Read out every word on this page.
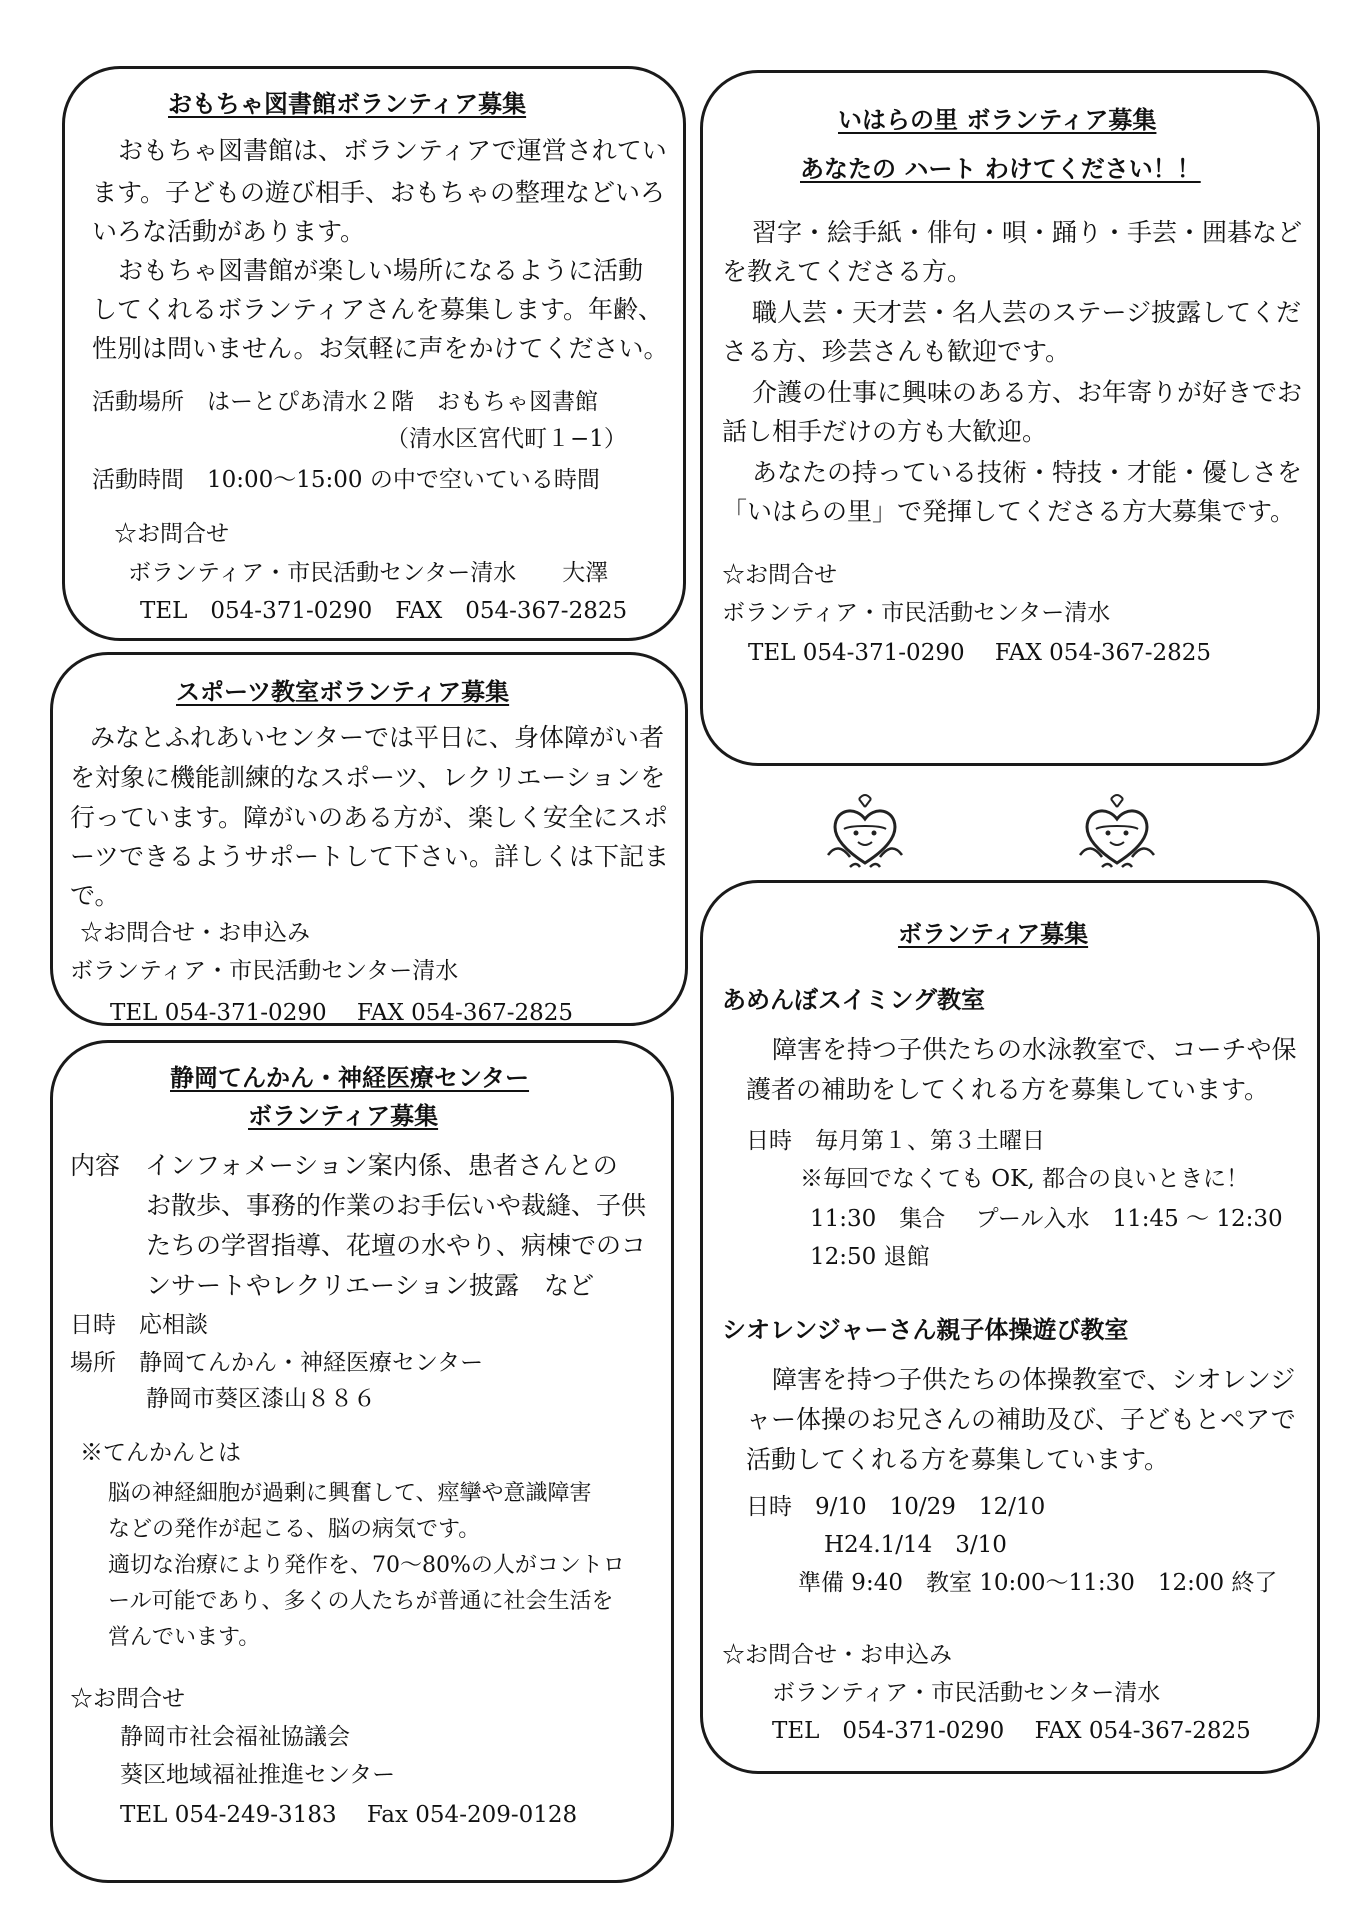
おもちゃ図書館ボランティア募集
おもちゃ図書館は、ボランティアで運営されてい
ます。子どもの遊び相手、おもちゃの整理などいろ
いろな活動があります。
おもちゃ図書館が楽しい場所になるように活動
してくれるボランティアさんを募集します。年齢、
性別は問いません。お気軽に声をかけてください。
活動場所　はーとぴあ清水２階　おもちゃ図書館
（清水区宮代町１−1）
活動時間　10:00〜15:00 の中で空いている時間
☆お問合せ
ボランティア・市民活動センター清水　　大澤
TEL　054-371-0290　FAX　054-367-2825
いはらの里 ボランティア募集
あなたの ハート わけてください！！
習字・絵手紙・俳句・唄・踊り・手芸・囲碁など
を教えてくださる方。
職人芸・天才芸・名人芸のステージ披露してくだ
さる方、珍芸さんも歓迎です。
介護の仕事に興味のある方、お年寄りが好きでお
話し相手だけの方も大歓迎。
あなたの持っている技術・特技・才能・優しさを
「いはらの里」で発揮してくださる方大募集です。
☆お問合せ
ボランティア・市民活動センター清水
TEL 054-371-0290　 FAX 054-367-2825
スポーツ教室ボランティア募集
みなとふれあいセンターでは平日に、身体障がい者
を対象に機能訓練的なスポーツ、レクリエーションを
行っています。障がいのある方が、楽しく安全にスポ
ーツできるようサポートして下さい。詳しくは下記ま
で。
☆お問合せ・お申込み
ボランティア・市民活動センター清水
TEL 054-371-0290　 FAX 054-367-2825
静岡てんかん・神経医療センター
ボランティア募集
内容　インフォメーション案内係、患者さんとの
お散歩、事務的作業のお手伝いや裁縫、子供
たちの学習指導、花壇の水やり、病棟でのコ
ンサートやレクリエーション披露　など
日時　応相談
場所　静岡てんかん・神経医療センター
静岡市葵区漆山８８６
※てんかんとは
脳の神経細胞が過剰に興奮して、痙攣や意識障害
などの発作が起こる、脳の病気です。
適切な治療により発作を、70〜80%の人がコントロ
ール可能であり、多くの人たちが普通に社会生活を
営んでいます。
☆お問合せ
静岡市社会福祉協議会
葵区地域福祉推進センター
TEL 054-249-3183　 Fax 054-209-0128
ボランティア募集
あめんぼスイミング教室
障害を持つ子供たちの水泳教室で、コーチや保
護者の補助をしてくれる方を募集しています。
日時　毎月第１、第３土曜日
※毎回でなくても OK, 都合の良いときに！
11:30　集合　 プール入水　11:45 〜 12:30
12:50 退館
シオレンジャーさん親子体操遊び教室
障害を持つ子供たちの体操教室で、シオレンジ
ャー体操のお兄さんの補助及び、子どもとペアで
活動してくれる方を募集しています。
日時　9/10　10/29　12/10
H24.1/14　3/10
準備 9:40　教室 10:00〜11:30　12:00 終了
☆お問合せ・お申込み
ボランティア・市民活動センター清水
TEL　054-371-0290　 FAX 054-367-2825
